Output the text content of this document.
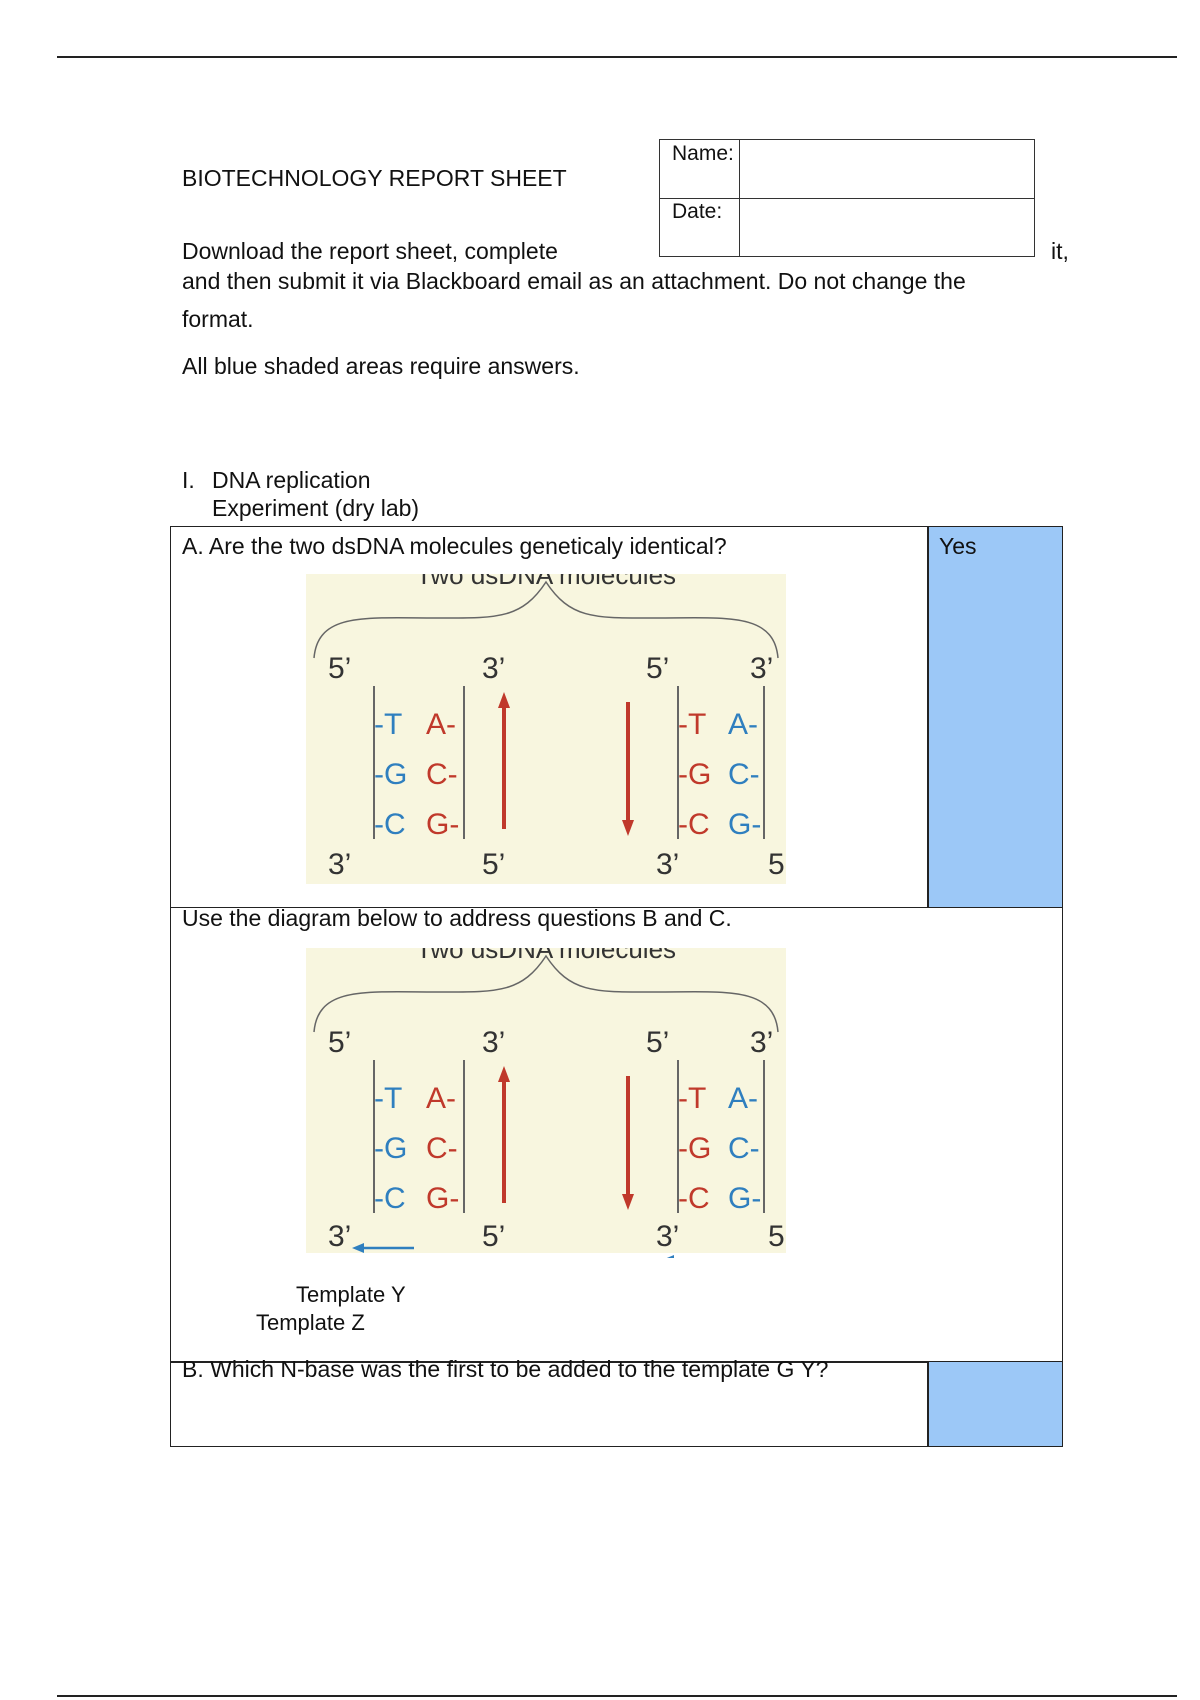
BIOTECHNOLOGY REPORT SHEET
Name:
Date:
Download the report sheet, complete	it,
and then submit it via Blackboard email as an attachment. Do not change the
format.
All blue shaded areas require answers.
I. DNA replication
Experiment (dry lab)
A. Are the two dsDNA molecules geneticaly identical?	Yes
Two dsDNA molecules
5’	3’	5’	3’
-T
-G
-C
A-
C-
G-
-T
-G
-C
A-
C-
G-
3’	5’	3’	5
Use the diagram below to address questions B and C.
Two dsDNA molecules
5’	3’	5’	3’
-T
-G
-C
A-
C-
G-
-T
-G
-C
A-
C-
G-
3’	5’	3’	5
Template Y
Template Z
B. Which N-base was the first to be added to the template G Y?
